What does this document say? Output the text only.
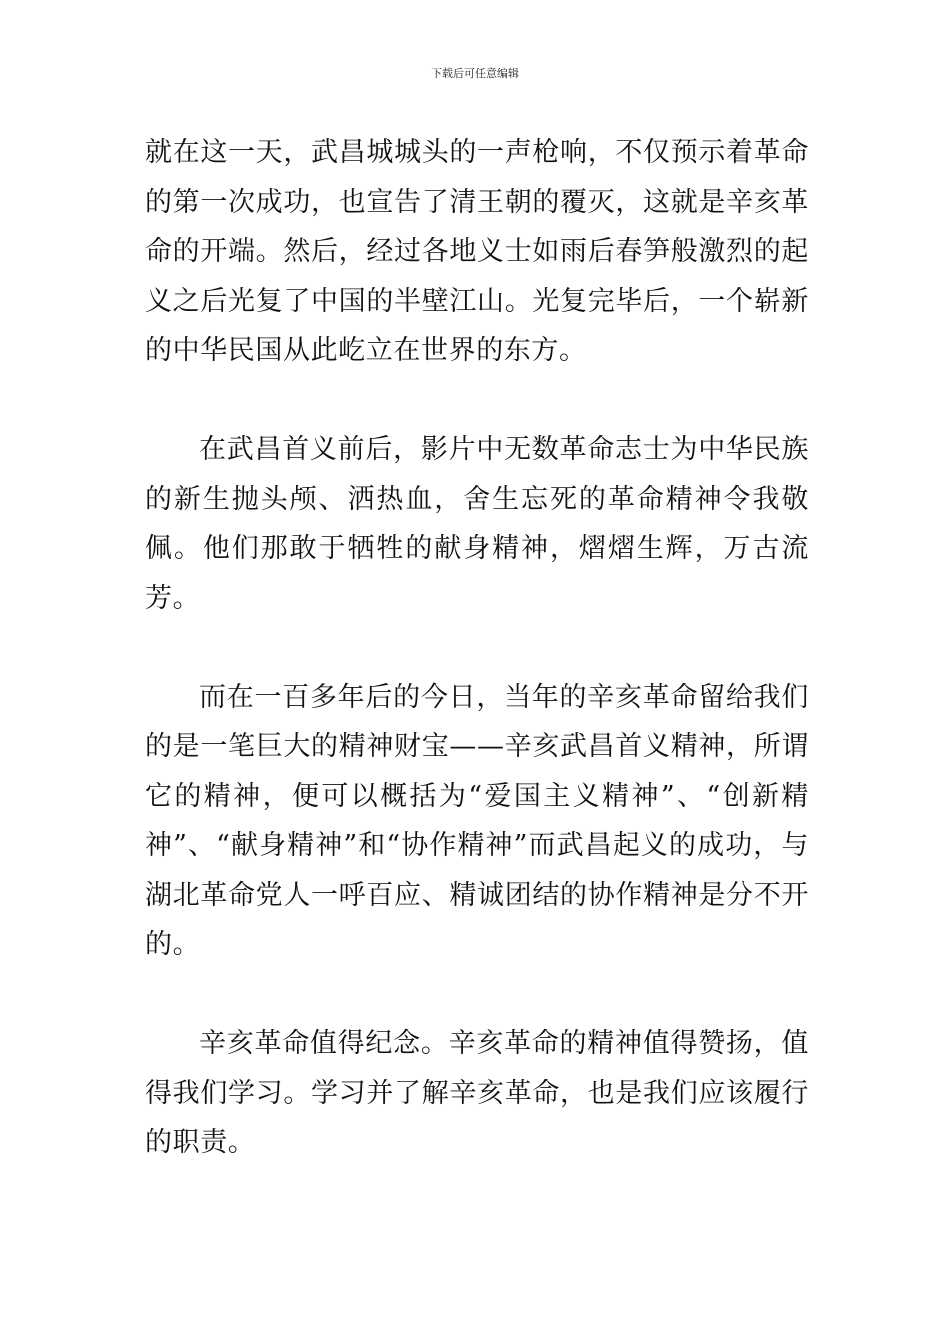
下载后可任意编辑

就在这一天，武昌城城头的一声枪响，不仅预示着革命的第一次成功，也宣告了清王朝的覆灭，这就是辛亥革命的开端。然后，经过各地义士如雨后春笋般激烈的起义之后光复了中国的半壁江山。光复完毕后，一个崭新的中华民国从此屹立在世界的东方。

在武昌首义前后，影片中无数革命志士为中华民族的新生抛头颅、洒热血，舍生忘死的革命精神令我敬佩。他们那敢于牺牲的献身精神，熠熠生辉，万古流芳。

而在一百多年后的今日，当年的辛亥革命留给我们的是一笔巨大的精神财宝——辛亥武昌首义精神，所谓它的精神，便可以概括为“爱国主义精神”、“创新精神”、“献身精神”和“协作精神”而武昌起义的成功，与湖北革命党人一呼百应、精诚团结的协作精神是分不开的。

辛亥革命值得纪念。辛亥革命的精神值得赞扬，值得我们学习。学习并了解辛亥革命，也是我们应该履行的职责。
